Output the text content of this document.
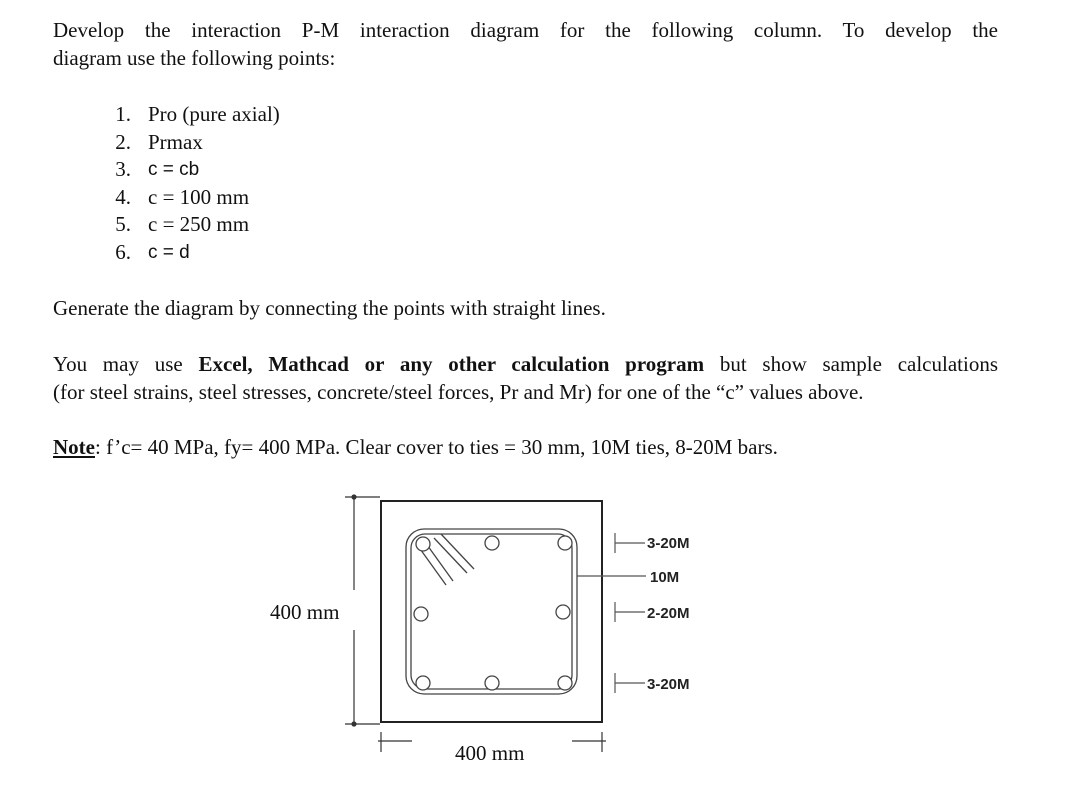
Develop the interaction P-M interaction diagram for the following column. To develop the
diagram use the following points:
1. Pro (pure axial)
2. Prmax
3. c = cb
4. c = 100 mm
5. c = 250 mm
6. c = d

Generate the diagram by connecting the points with straight lines.

You may use Excel, Mathcad or any other calculation program but show sample calculations
(for steel strains, steel stresses, concrete/steel forces, Pr and Mr) for one of the “c” values above.

Note: f’c= 40 MPa, fy= 400 MPa. Clear cover to ties = 30 mm, 10M ties, 8-20M bars.

400 mm
400 mm
3-20M
10M
2-20M
3-20M
